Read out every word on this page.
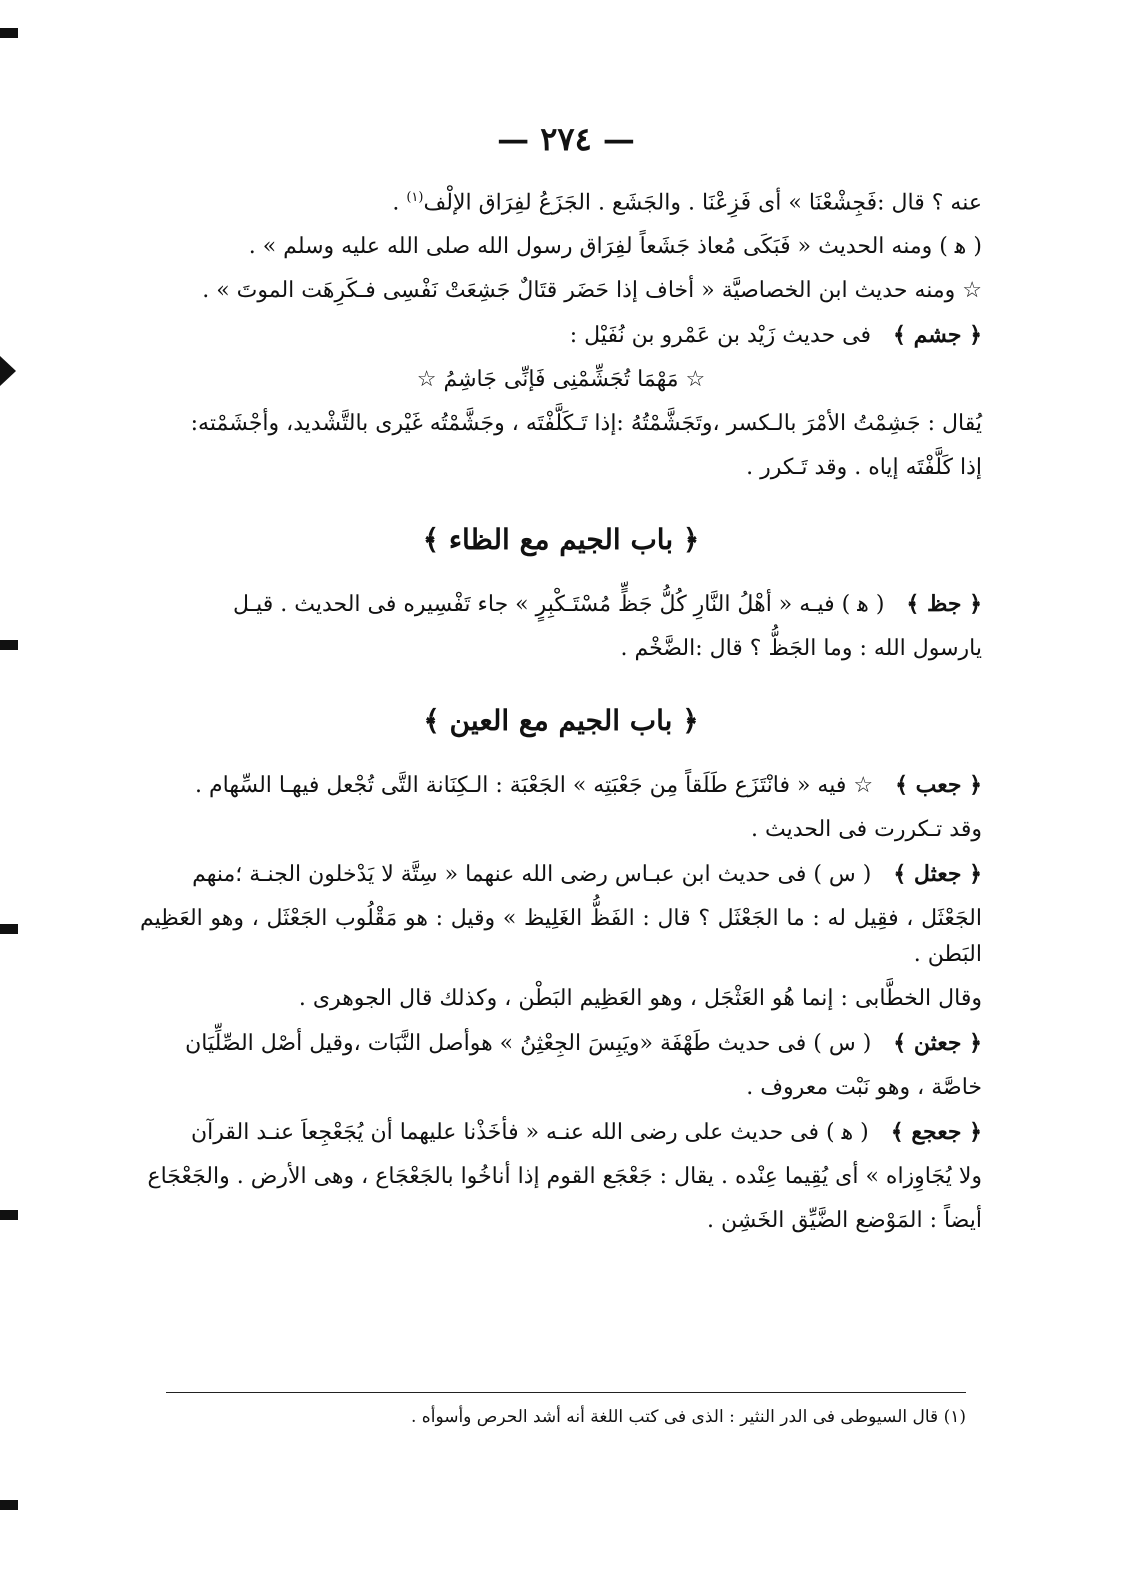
— ٢٧٤ —
عنه ؟ قال :فَجِشْعْنَا » أى فَزِعْنَا . والجَشَع . الجَزَعُ لفِرَاق الإلْف$^{(١)}$ .
( ﻫ ) ومنه الحديث « فَبَكَى مُعاذ جَشَعاً لفِرَاق رسول الله صلى الله عليه وسلم » .
☆ ومنه حديث ابن الخصاصيَّة « أخاف إذا حَضَر قتَالٌ جَشِعَتْ نَفْسِى فـكَرِهَت الموتَ » .
﴿ جشم ﴾فى حديث زَيْد بن عَمْرو بن نُفَيْل :
☆ مَهْمَا تُجَشِّمْنِى فَإنِّى جَاشِمُ ☆
يُقال : جَشِمْتُ الأمْرَ بالـكسر ،وتَجَشَّمْتُهُ :إذا تَـكَلَّفْتَه ، وجَشَّمْتُه غَيْرى بالتَّشْديد، وأجْشَمْته:
إذا كَلَّفْتَه إياه . وقد تَـكرر .
﴿ باب الجيم مع الظاء ﴾
﴿ جظ ﴾( ﻫ ) فيـه « أهْلُ النَّارِ كُلُّ جَظٍّ مُسْتَـكْبِرٍ » جاء تَفْسِيره فى الحديث . قيـل
يارسول الله : وما الجَظُّ ؟ قال :الضَّخْم .
﴿ باب الجيم مع العين ﴾
﴿ جعب ﴾☆ فيه « فانْتَزَع طَلَقاً مِن جَعْبَتِه » الجَعْبَة : الـكِنَانة التَّى تُجْعل فيهـا السِّهام .
وقد تـكررت فى الحديث .
﴿ جعثل ﴾( س ) فى حديث ابن عبـاس رضى الله عنهما « سِتَّة لا يَدْخلون الجنـة ؛منهم
الجَعْثَل ، فقِيل له : ما الجَعْثَل ؟ قال : الفَظُّ الغَلِيظ » وقيل : هو مَقْلُوب الجَعْثَل ، وهو العَظِيم البَطن .
وقال الخطَّابى : إنما هُو العَثْجَل ، وهو العَظِيم البَطْن ، وكذلك قال الجوهرى .
﴿ جعثن ﴾( س ) فى حديث طَهْفَة «ويَبِسَ الجِعْثِنُ » هوأصل النَّبَات ،وقيل أصْل الصِّلِّيَان
خاصَّة ، وهو نَبْت معروف .
﴿ جعجع ﴾( ﻫ ) فى حديث على رضى الله عنـه « فأخَذْنا عليهما أن يُجَعْجِعاَ عنـد القرآن
ولا يُجَاوِزاه » أى يُقِيما عِنْده . يقال : جَعْجَع القوم إذا أناخُوا بالجَعْجَاع ، وهى الأرض . والجَعْجَاع
أيضاً : المَوْضع الضَّيِّق الخَشِن .
(١) قال السيوطى فى الدر النثير : الذى فى كتب اللغة أنه أشد الحرص وأسوأه .
